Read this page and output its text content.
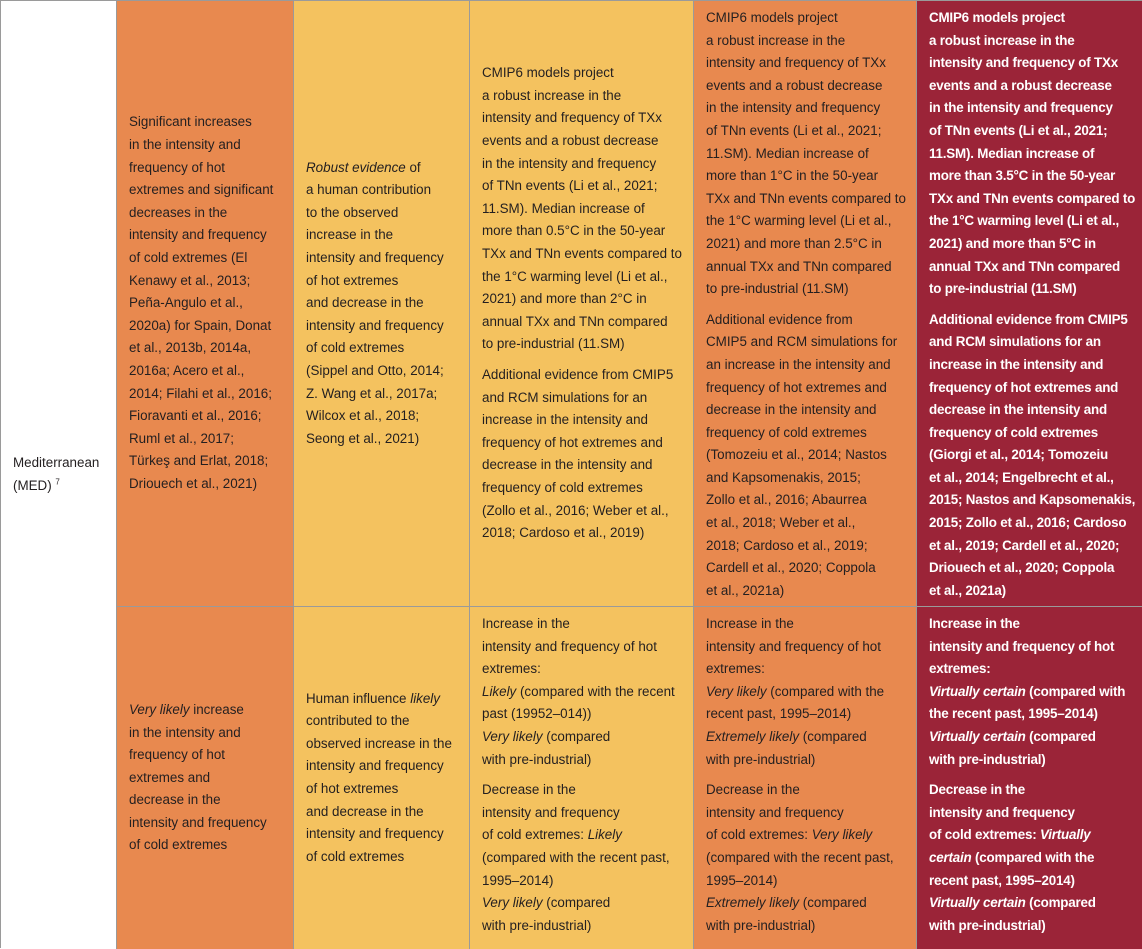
Mediterranean
(MED) $^7$
Significant increases
in the intensity and
frequency of hot
extremes and significant
decreases in the
intensity and frequency
of cold extremes (El
Kenawy et al., 2013;
Peña-Angulo et al.,
2020a) for Spain, Donat
et al., 2013b, 2014a,
2016a; Acero et al.,
2014; Filahi et al., 2016;
Fioravanti et al., 2016;
Ruml et al., 2017;
Türkeş and Erlat, 2018;
Driouech et al., 2021)
Robust evidence of
a human contribution
to the observed
increase in the
intensity and frequency
of hot extremes
and decrease in the
intensity and frequency
of cold extremes
(Sippel and Otto, 2014;
Z. Wang et al., 2017a;
Wilcox et al., 2018;
Seong et al., 2021)
CMIP6 models project
a robust increase in the
intensity and frequency of TXx
events and a robust decrease
in the intensity and frequency
of TNn events (Li et al., 2021;
11.SM). Median increase of
more than 0.5°C in the 50-year
TXx and TNn events compared to
the 1°C warming level (Li et al.,
2021) and more than 2°C in
annual TXx and TNn compared
to pre-industrial (11.SM)
Additional evidence from CMIP5
and RCM simulations for an
increase in the intensity and
frequency of hot extremes and
decrease in the intensity and
frequency of cold extremes
(Zollo et al., 2016; Weber et al.,
2018; Cardoso et al., 2019)
CMIP6 models project
a robust increase in the
intensity and frequency of TXx
events and a robust decrease
in the intensity and frequency
of TNn events (Li et al., 2021;
11.SM). Median increase of
more than 1°C in the 50-year
TXx and TNn events compared to
the 1°C warming level (Li et al.,
2021) and more than 2.5°C in
annual TXx and TNn compared
to pre-industrial (11.SM)
Additional evidence from
CMIP5 and RCM simulations for
an increase in the intensity and
frequency of hot extremes and
decrease in the intensity and
frequency of cold extremes
(Tomozeiu et al., 2014; Nastos
and Kapsomenakis, 2015;
Zollo et al., 2016; Abaurrea
et al., 2018; Weber et al.,
2018; Cardoso et al., 2019;
Cardell et al., 2020; Coppola
et al., 2021a)
CMIP6 models project
a robust increase in the
intensity and frequency of TXx
events and a robust decrease
in the intensity and frequency
of TNn events (Li et al., 2021;
11.SM). Median increase of
more than 3.5°C in the 50-year
TXx and TNn events compared to
the 1°C warming level (Li et al.,
2021) and more than 5°C in
annual TXx and TNn compared
to pre-industrial (11.SM)
Additional evidence from CMIP5
and RCM simulations for an
increase in the intensity and
frequency of hot extremes and
decrease in the intensity and
frequency of cold extremes
(Giorgi et al., 2014; Tomozeiu
et al., 2014; Engelbrecht et al.,
2015; Nastos and Kapsomenakis,
2015; Zollo et al., 2016; Cardoso
et al., 2019; Cardell et al., 2020;
Driouech et al., 2020; Coppola
et al., 2021a)
Very likely increase
in the intensity and
frequency of hot
extremes and
decrease in the
intensity and frequency
of cold extremes
Human influence likely
contributed to the
observed increase in the
intensity and frequency
of hot extremes
and decrease in the
intensity and frequency
of cold extremes
Increase in the
intensity and frequency of hot
extremes:
Likely (compared with the recent
past (19952–014))
Very likely (compared
with pre-industrial)
Decrease in the
intensity and frequency
of cold extremes: Likely
(compared with the recent past,
1995–2014)
Very likely (compared
with pre-industrial)
Increase in the
intensity and frequency of hot
extremes:
Very likely (compared with the
recent past, 1995–2014)
Extremely likely (compared
with pre-industrial)
Decrease in the
intensity and frequency
of cold extremes: Very likely
(compared with the recent past,
1995–2014)
Extremely likely (compared
with pre-industrial)
Increase in the
intensity and frequency of hot
extremes:
Virtually certain (compared with
the recent past, 1995–2014)
Virtually certain (compared
with pre-industrial)
Decrease in the
intensity and frequency
of cold extremes: Virtually
certain (compared with the
recent past, 1995–2014)
Virtually certain (compared
with pre-industrial)
